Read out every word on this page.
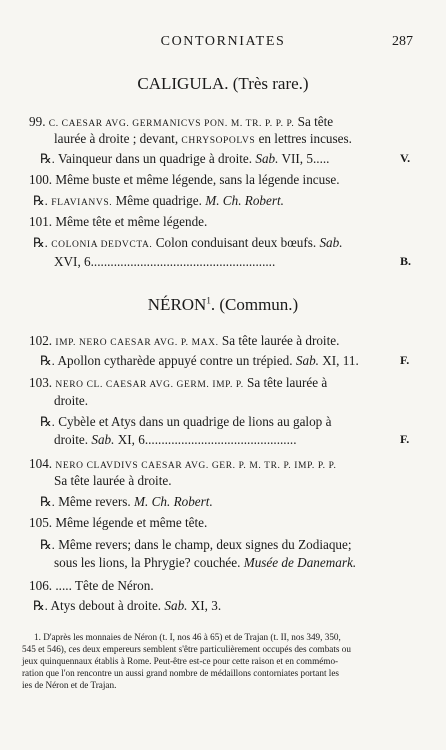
CONTORNIATES	287
CALIGULA. (Très rare.)
99. C. CAESAR AVG. GERMANICVS PON. M. TR. P. P. P. Sa tête
laurée à droite ; devant, CHRYSOPOLVS en lettres incuses.
℞. Vainqueur dans un quadrige à droite. Sab. VII, 5.....	V.
100. Même buste et même légende, sans la légende incuse.
℞. FLAVIANVS. Même quadrige. M. Ch. Robert.
101. Même tête et même légende.
℞. COLONIA DEDVCTA. Colon conduisant deux bœufs. Sab.
XVI, 6........................................................	B.
NÉRON$^1$. (Commun.)
102. IMP. NERO CAESAR AVG. P. MAX. Sa tête laurée à droite.
℞. Apollon cytharède appuyé contre un trépied. Sab. XI, 11.	F.
103. NERO CL. CAESAR AVG. GERM. IMP. P. Sa tête laurée à
droite.
℞. Cybèle et Atys dans un quadrige de lions au galop à
droite. Sab. XI, 6..............................................	F.
104. NERO CLAVDIVS CAESAR AVG. GER. P. M. TR. P. IMP. P. P.
Sa tête laurée à droite.
℞. Même revers. M. Ch. Robert.
105. Même légende et même tête.
℞. Même revers; dans le champ, deux signes du Zodiaque;
sous les lions, la Phrygie? couchée. Musée de Danemark.
106. ..... Tête de Néron.
℞. Atys debout à droite. Sab. XI, 3.
1. D'après les monnaies de Néron (t. I, nos 46 à 65) et de Trajan (t. II, nos 349, 350,
545 et 546), ces deux empereurs semblent s'être particulièrement occupés des combats ou
jeux quinquennaux établis à Rome. Peut-être est-ce pour cette raison et en commémo-
ration que l'on rencontre un aussi grand nombre de médaillons contorniates portant les
ies de Néron et de Trajan.
